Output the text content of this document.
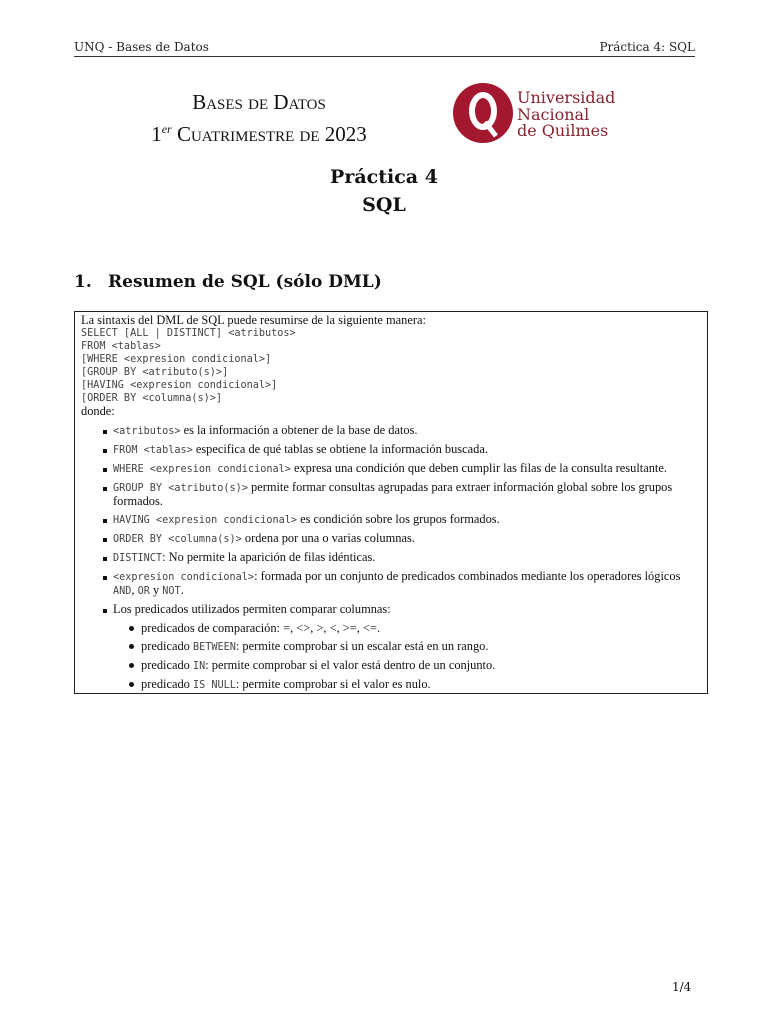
UNQ - Bases de Datos	Práctica 4: SQL
Bases de Datos
1er Cuatrimestre de 2023
Universidad
Nacional
de Quilmes
Práctica 4
SQL
1. Resumen de SQL (sólo DML)
La sintaxis del DML de SQL puede resumirse de la siguiente manera:
SELECT [ALL | DISTINCT] <atributos>
FROM <tablas>
[WHERE <expresion condicional>]
[GROUP BY <atributo(s)>]
[HAVING <expresion condicional>]
[ORDER BY <columna(s)>]
donde:
<atributos> es la información a obtener de la base de datos.
FROM <tablas> especifica de qué tablas se obtiene la información buscada.
WHERE <expresion condicional> expresa una condición que deben cumplir las filas de la consulta resultante.
GROUP BY <atributo(s)> permite formar consultas agrupadas para extraer información global sobre los grupos formados.
HAVING <expresion condicional> es condición sobre los grupos formados.
ORDER BY <columna(s)> ordena por una o varias columnas.
DISTINCT: No permite la aparición de filas idénticas.
<expresion condicional>: formada por un conjunto de predicados combinados mediante los operadores lógicos AND, OR y NOT.
Los predicados utilizados permiten comparar columnas:
predicados de comparación: =, <>, >, <, >=, <=.
predicado BETWEEN: permite comprobar si un escalar está en un rango.
predicado IN: permite comprobar si el valor está dentro de un conjunto.
predicado IS NULL: permite comprobar si el valor es nulo.
1/4
